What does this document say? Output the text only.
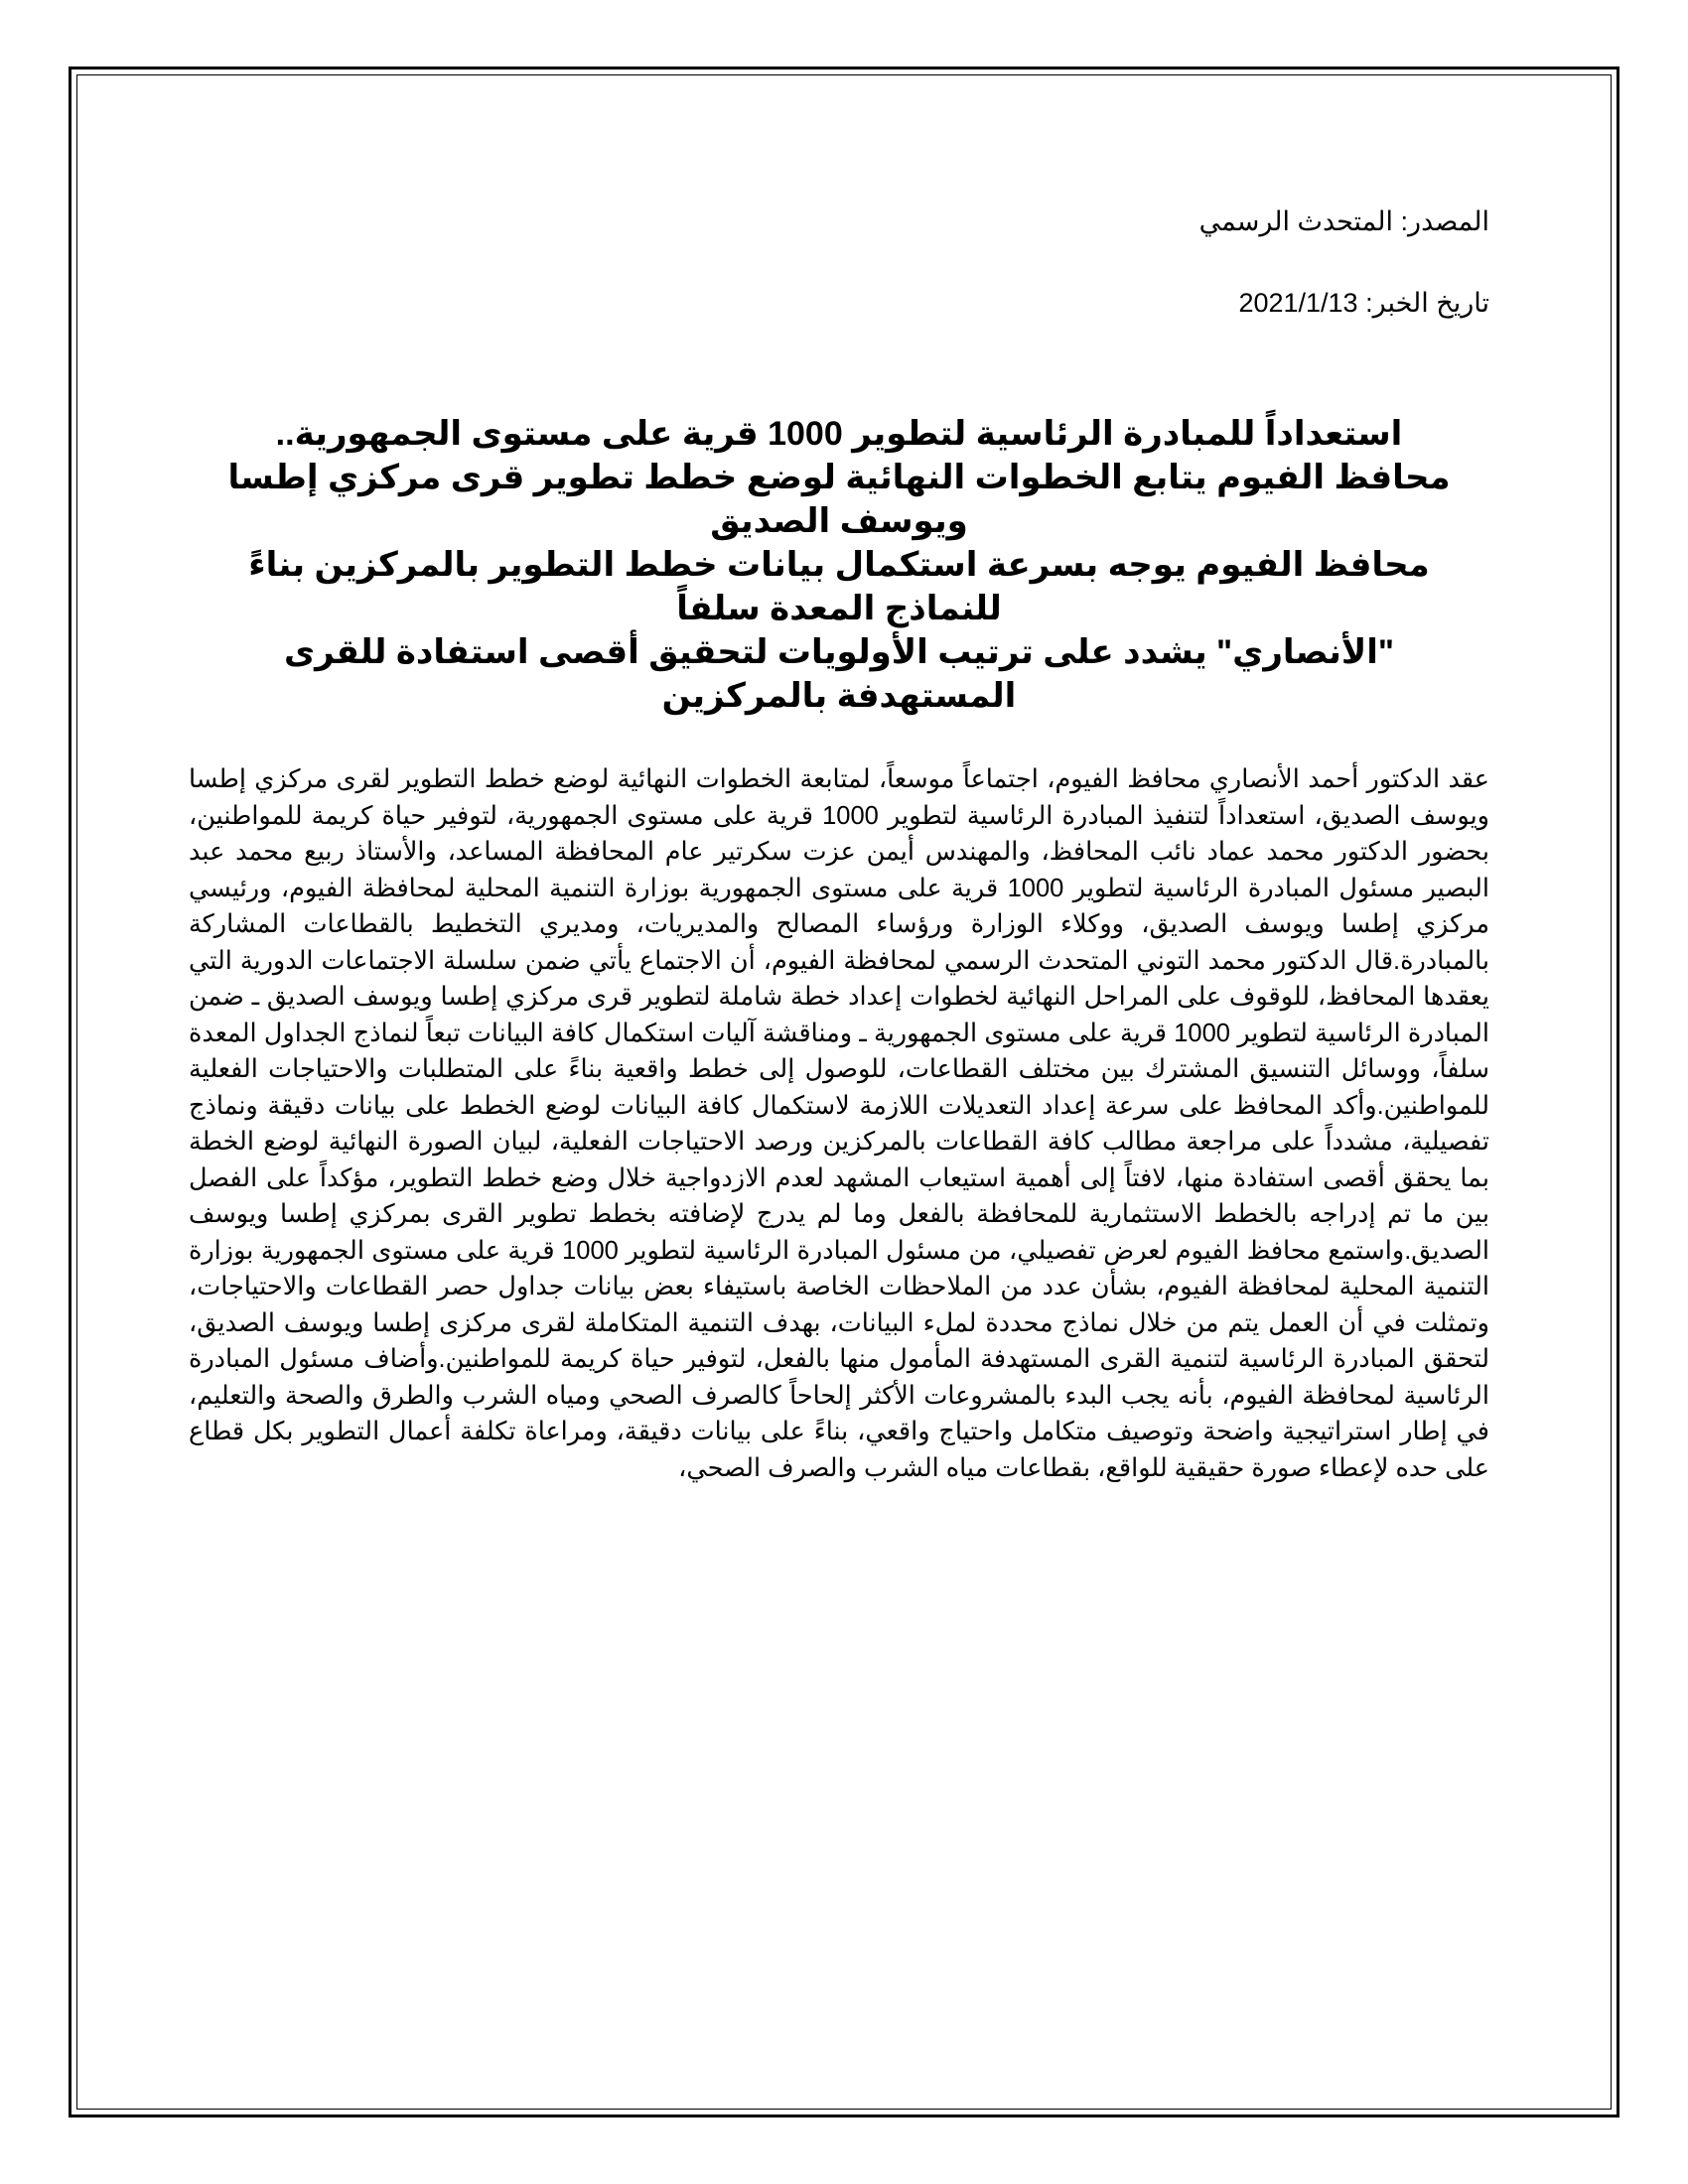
المصدر: المتحدث الرسمي

تاريخ الخبر: 2021/1/13

استعداداً للمبادرة الرئاسية لتطوير 1000 قرية على مستوى الجمهورية..

محافظ الفيوم يتابع الخطوات النهائية لوضع خطط تطوير قرى مركزي إطسا ويوسف الصديق

محافظ الفيوم يوجه بسرعة استكمال بيانات خطط التطوير بالمركزين بناءً للنماذج المعدة سلفاً

"الأنصاري" يشدد على ترتيب الأولويات لتحقيق أقصى استفادة للقرى المستهدفة بالمركزين

عقد الدكتور أحمد الأنصاري محافظ الفيوم، اجتماعاً موسعاً، لمتابعة الخطوات النهائية لوضع خطط التطوير لقرى مركزي إطسا ويوسف الصديق، استعداداً لتنفيذ المبادرة الرئاسية لتطوير 1000 قرية على مستوى الجمهورية، لتوفير حياة كريمة للمواطنين، بحضور الدكتور محمد عماد نائب المحافظ، والمهندس أيمن عزت سكرتير عام المحافظة المساعد، والأستاذ ربيع محمد عبد البصير مسئول المبادرة الرئاسية لتطوير 1000 قرية على مستوى الجمهورية بوزارة التنمية المحلية لمحافظة الفيوم، ورئيسي مركزي إطسا ويوسف الصديق، ووكلاء الوزارة ورؤساء المصالح والمديريات، ومديري التخطيط بالقطاعات المشاركة بالمبادرة.قال الدكتور محمد التوني المتحدث الرسمي لمحافظة الفيوم، أن الاجتماع يأتي ضمن سلسلة الاجتماعات الدورية التي يعقدها المحافظ، للوقوف على المراحل النهائية لخطوات إعداد خطة شاملة لتطوير قرى مركزي إطسا ويوسف الصديق ـ ضمن المبادرة الرئاسية لتطوير 1000 قرية على مستوى الجمهورية ـ ومناقشة آليات استكمال كافة البيانات تبعاً لنماذج الجداول المعدة سلفاً، ووسائل التنسيق المشترك بين مختلف القطاعات، للوصول إلى خطط واقعية بناءً على المتطلبات والاحتياجات الفعلية للمواطنين.وأكد المحافظ على سرعة إعداد التعديلات اللازمة لاستكمال كافة البيانات لوضع الخطط على بيانات دقيقة ونماذج تفصيلية، مشدداً على مراجعة مطالب كافة القطاعات بالمركزين ورصد الاحتياجات الفعلية، لبيان الصورة النهائية لوضع الخطة بما يحقق أقصى استفادة منها، لافتاً إلى أهمية استيعاب المشهد لعدم الازدواجية خلال وضع خطط التطوير، مؤكداً على الفصل بين ما تم إدراجه بالخطط الاستثمارية للمحافظة بالفعل وما لم يدرج لإضافته بخطط تطوير القرى بمركزي إطسا ويوسف الصديق.واستمع محافظ الفيوم لعرض تفصيلي، من مسئول المبادرة الرئاسية لتطوير 1000 قرية على مستوى الجمهورية بوزارة التنمية المحلية لمحافظة الفيوم، بشأن عدد من الملاحظات الخاصة باستيفاء بعض بيانات جداول حصر القطاعات والاحتياجات، وتمثلت في أن العمل يتم من خلال نماذج محددة لملء البيانات، بهدف التنمية المتكاملة لقرى مركزى إطسا ويوسف الصديق، لتحقق المبادرة الرئاسية لتنمية القرى المستهدفة المأمول منها بالفعل، لتوفير حياة كريمة للمواطنين.وأضاف مسئول المبادرة الرئاسية لمحافظة الفيوم، بأنه يجب البدء بالمشروعات الأكثر إلحاحاً كالصرف الصحي ومياه الشرب والطرق والصحة والتعليم، في إطار استراتيجية واضحة وتوصيف متكامل واحتياج واقعي، بناءً على بيانات دقيقة، ومراعاة تكلفة أعمال التطوير بكل قطاع على حده لإعطاء صورة حقيقية للواقع، بقطاعات مياه الشرب والصرف الصحي،
